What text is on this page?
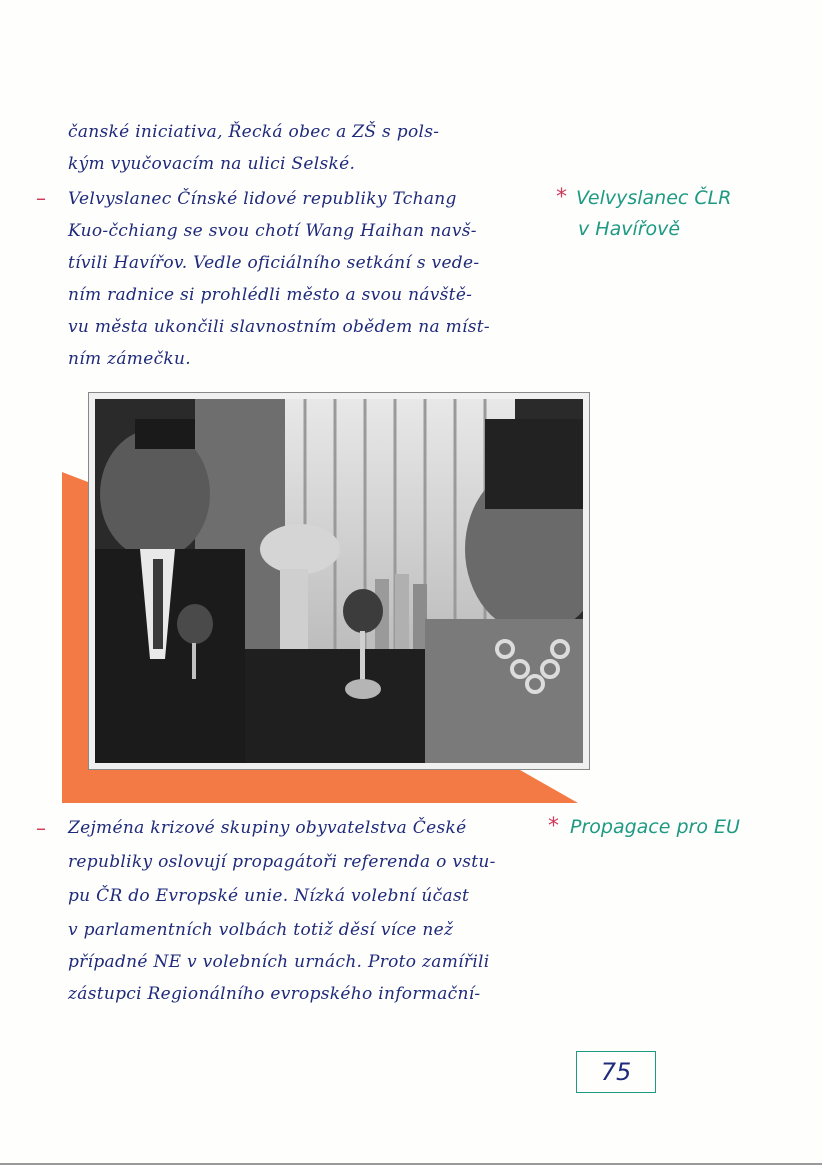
čanské iniciativa, Řecká obec a ZŠ s pols-
kým vyučovacím na ulici Selské.
– Velvyslanec Čínské lidové republiky Tchang
Kuo-čchiang se svou chotí Wang Haihan navš-
tívili Havířov. Vedle oficiálního setkání s vede-
ním radnice si prohlédli město a svou návště-
vu města ukončili slavnostním obědem na míst-
ním zámečku.
* Velvyslanec ČLR
v Havířově
– Zejména krizové skupiny obyvatelstva České
republiky oslovují propagátoři referenda o vstu-
pu ČR do Evropské unie. Nízká volební účast
v parlamentních volbách totiž děsí více než
případné NE v volebních urnách. Proto zamířili
zástupci Regionálního evropského informační-
* Propagace pro EU
75
